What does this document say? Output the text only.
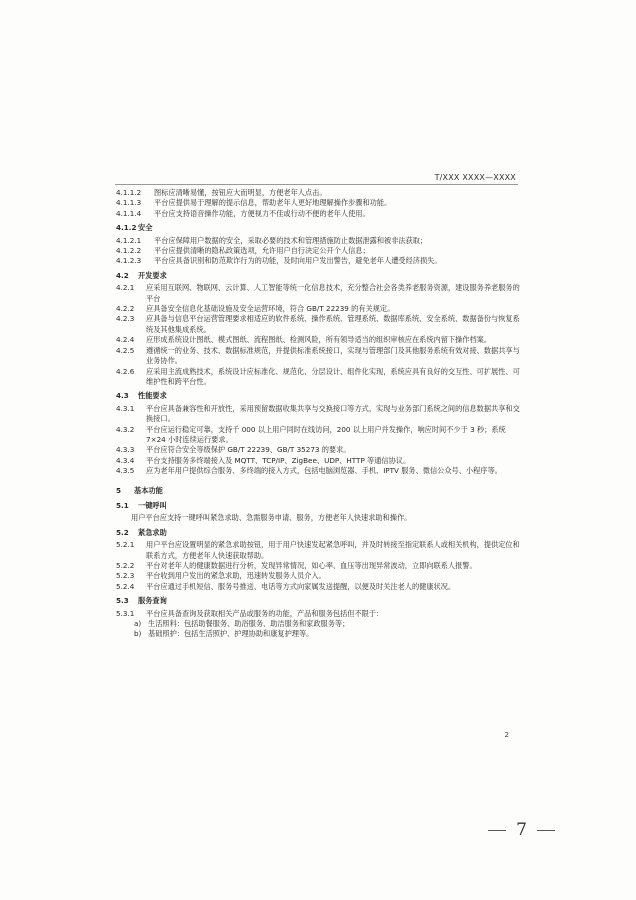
T/XXX XXXX—XXXX
4.1.1.2	图标应清晰易懂，按钮应大而明显，方便老年人点击。
4.1.1.3	平台应提供易于理解的提示信息，帮助老年人更好地理解操作步骤和功能。
4.1.1.4	平台应支持语音操作功能，方便视力不佳或行动不便的老年人使用。
4.1.2 安全
4.1.2.1	平台应保障用户数据的安全，采取必要的技术和管理措施防止数据泄露和被非法获取；
4.1.2.2	平台应提供清晰的隐私政策选项，允许用户自行决定公开个人信息；
4.1.2.3	平台应具备识别和防范欺诈行为的功能，及时向用户发出警告，避免老年人遭受经济损失。
4.2	开发要求
4.2.1	应采用互联网、物联网、云计算、人工智能等统一化信息技术，充分整合社会各类养老服务资源，建设服务养老服务的平台
4.2.2	应具备安全信息化基础设施及安全运营环境，符合 GB/T 22239 的有关规定。
4.2.3	应具备与信息平台运营管理要求相适应的软件系统、操作系统、管理系统、数据库系统、安全系统、数据备份与恢复系统及其他集成系统。
4.2.4	应形成系统设计图纸、模式图纸、流程图纸、检测风险，所有领导适当的组织审核应在系统内留下操作档案。
4.2.5	遵循统一的业务、技术、数据标准规范，并提供标准系统接口，实现与管理部门及其他服务系统有效对接、数据共享与业务协作。
4.2.6	应采用主流成熟技术，系统设计应标准化、规范化、分层设计、组件化实现，系统应具有良好的交互性、可扩展性、可维护性和跨平台性。
4.3	性能要求
4.3.1	平台应具备兼容性和开放性，采用预留数据收集共享与交换接口等方式，实现与业务部门系统之间的信息数据共享和交换接口。
4.3.2	平台应运行稳定可靠，支持千 000 以上用户同时在线访问，200 以上用户并发操作，响应时间不少于 3 秒；系统 7×24 小时连续运行要求。
4.3.3	平台应符合安全等级保护 GB/T 22239、GB/T 35273 的要求。
4.3.4	平台支持服务多终端接入及 MQTT、TCP/IP、ZigBee、UDP、HTTP 等通信协议。
4.3.5	应为老年用户提供综合服务、多终端的接入方式，包括电脑浏览器、手机、IPTV 服务、微信公众号、小程序等。
5	基本功能
5.1	一键呼叫
用户平台应支持一键呼叫紧急求助、急需服务申请、服务，方便老年人快速求助和操作。
5.2	紧急求助
5.2.1	用户平台应设置明显的紧急求助按钮，用于用户快速发起紧急呼叫，并及时转接至指定联系人或相关机构，提供定位和联系方式，方便老年人快速获取帮助。
5.2.2	平台对老年人的健康数据进行分析，发现异常情况，如心率、血压等出现异常波动，立即向联系人报警。
5.2.3	平台收到用户发出的紧急求助，迅速转发服务人员介入。
5.2.4	平台应通过手机短信、服务号推送、电话等方式向家属发送提醒，以便及时关注老人的健康状况。
5.3	服务查询
5.3.1	平台应具备查询及获取相关产品或服务的功能，产品和服务包括但不限于：
a) 生活照料：包括助餐服务、助浴服务、助洁服务和家政服务等；
b) 基础照护：包括生活照护、护理协助和康复护理等。
2
7
